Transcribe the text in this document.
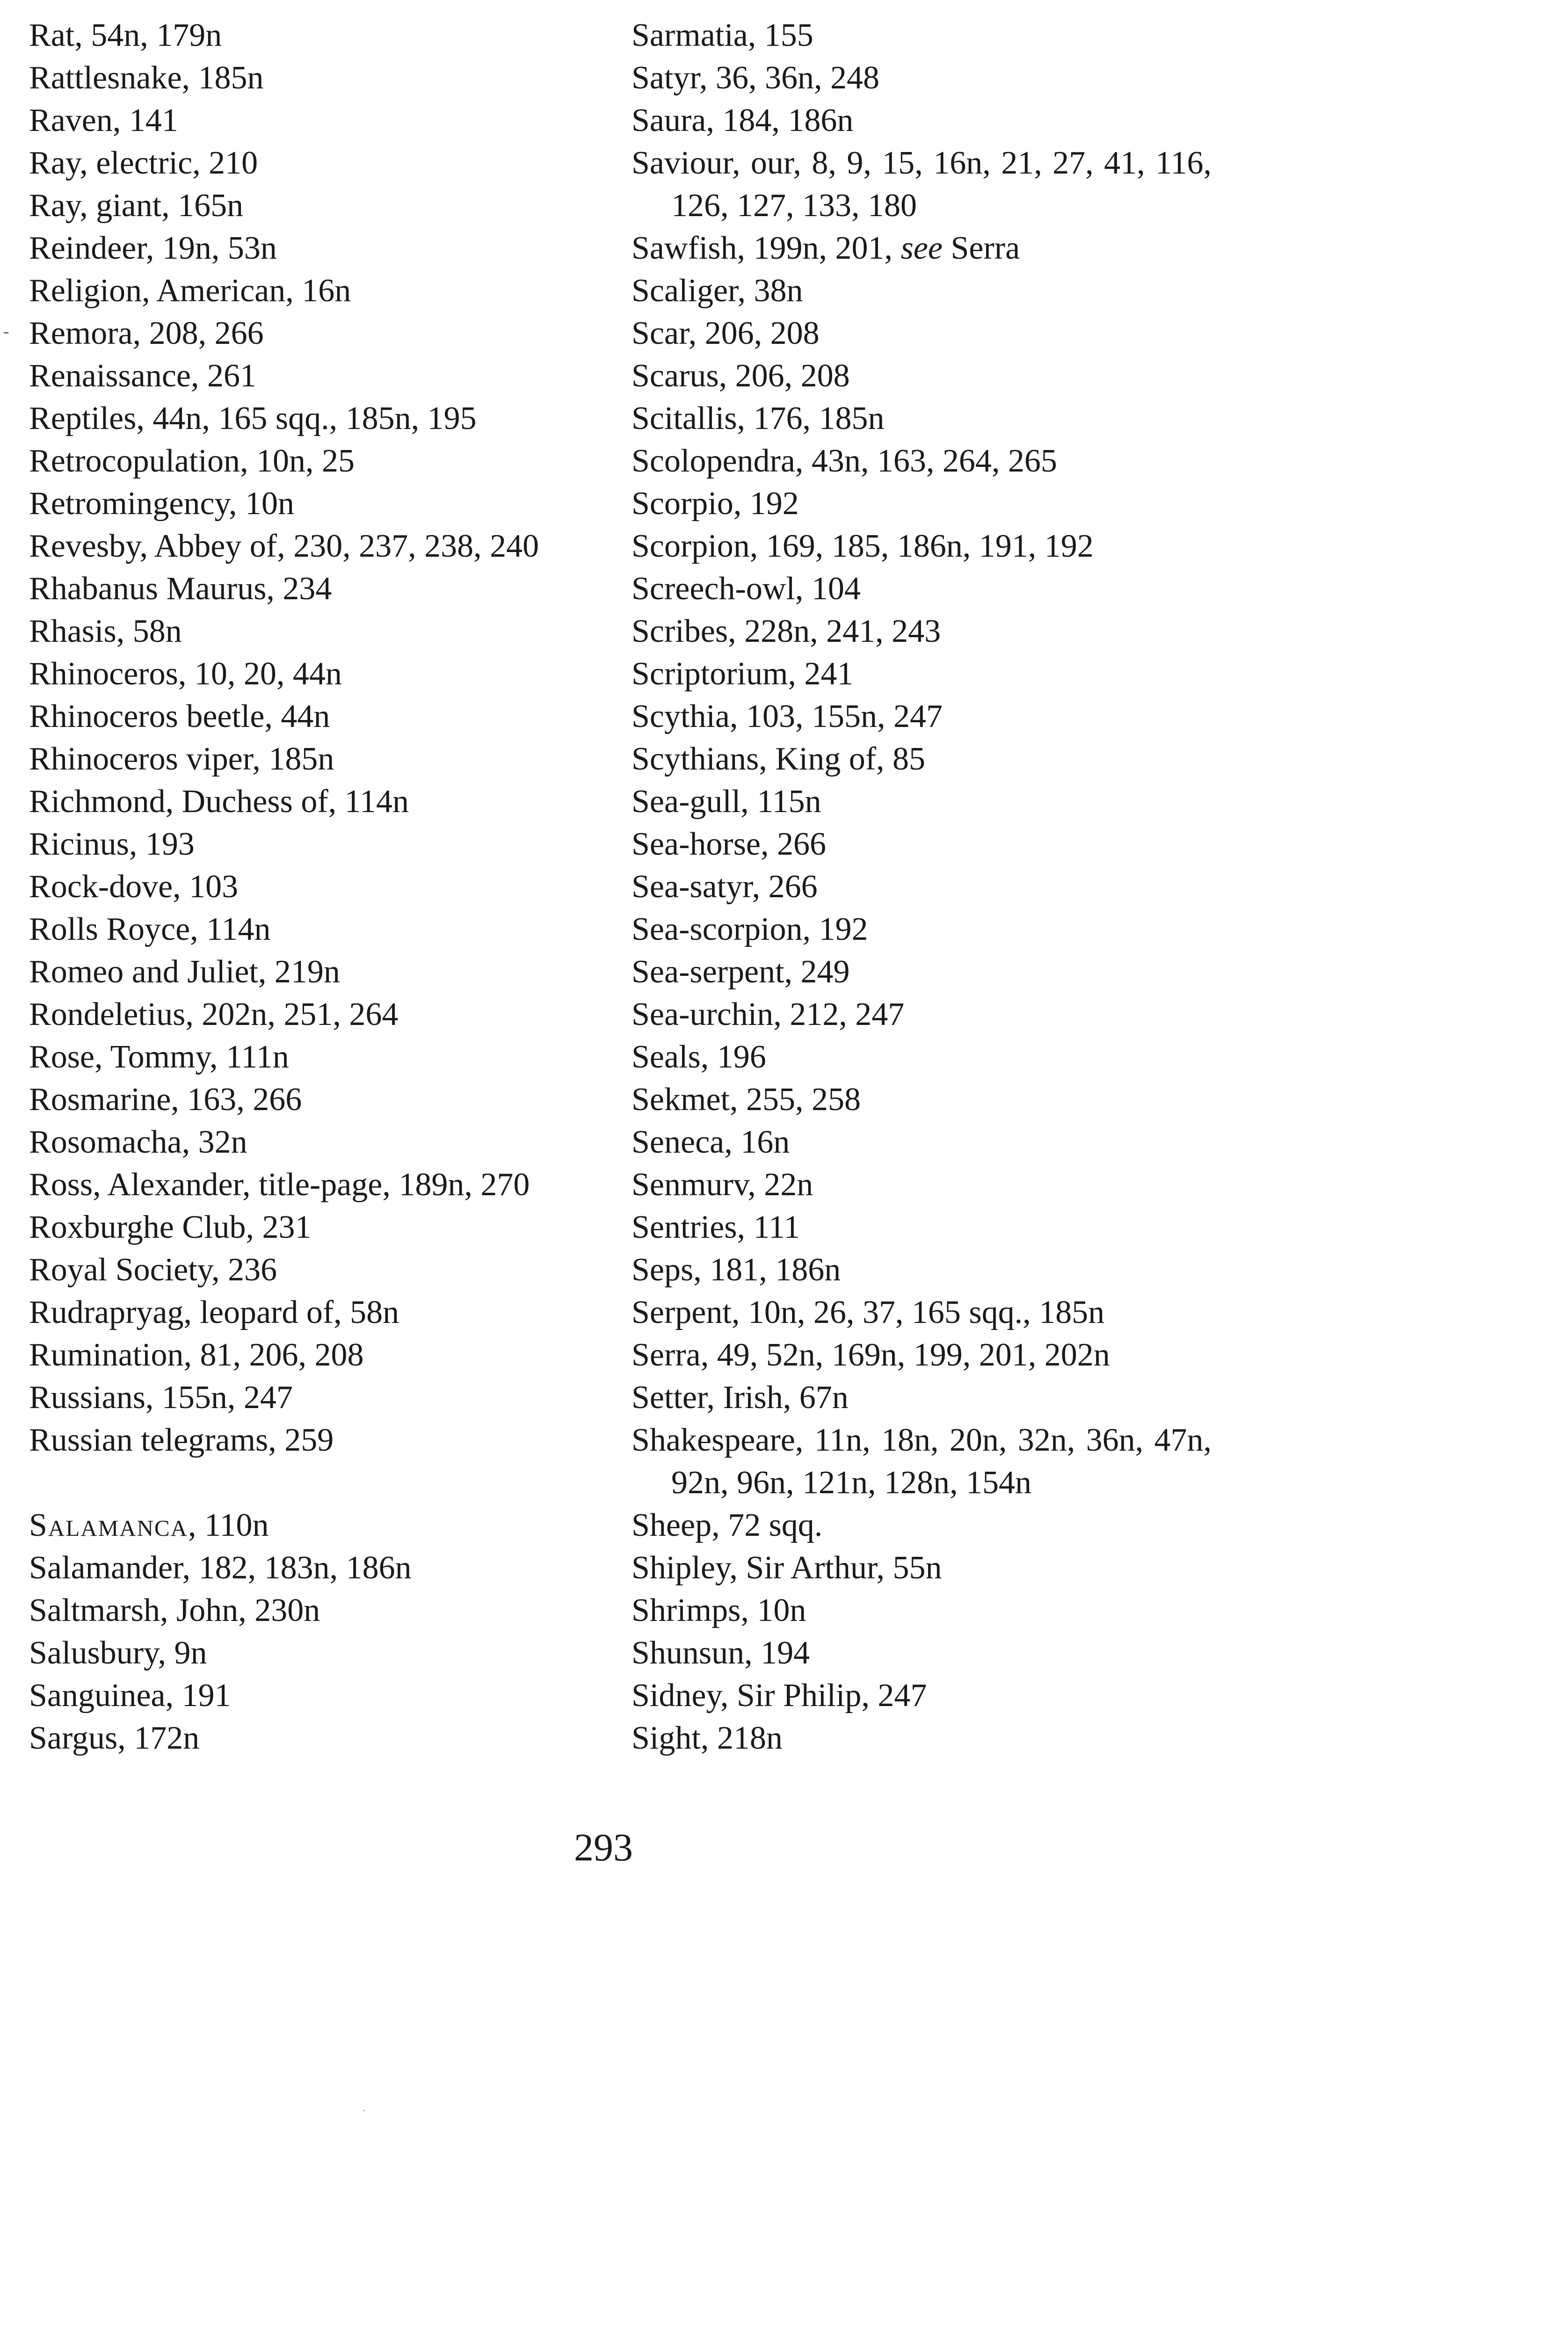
Rat, 54n, 179n
Rattlesnake, 185n
Raven, 141
Ray, electric, 210
Ray, giant, 165n
Reindeer, 19n, 53n
Religion, American, 16n
Remora, 208, 266
Renaissance, 261
Reptiles, 44n, 165 sqq., 185n, 195
Retrocopulation, 10n, 25
Retromingency, 10n
Revesby, Abbey of, 230, 237, 238, 240
Rhabanus Maurus, 234
Rhasis, 58n
Rhinoceros, 10, 20, 44n
Rhinoceros beetle, 44n
Rhinoceros viper, 185n
Richmond, Duchess of, 114n
Ricinus, 193
Rock-dove, 103
Rolls Royce, 114n
Romeo and Juliet, 219n
Rondeletius, 202n, 251, 264
Rose, Tommy, 111n
Rosmarine, 163, 266
Rosomacha, 32n
Ross, Alexander, title-page, 189n, 270
Roxburghe Club, 231
Royal Society, 236
Rudrapryag, leopard of, 58n
Rumination, 81, 206, 208
Russians, 155n, 247
Russian telegrams, 259
Salamanca, 110n
Salamander, 182, 183n, 186n
Saltmarsh, John, 230n
Salusbury, 9n
Sanguinea, 191
Sargus, 172n
Sarmatia, 155
Satyr, 36, 36n, 248
Saura, 184, 186n
Saviour, our, 8, 9, 15, 16n, 21, 27, 41, 116, 126, 127, 133, 180
Sawfish, 199n, 201, see Serra
Scaliger, 38n
Scar, 206, 208
Scarus, 206, 208
Scitallis, 176, 185n
Scolopendra, 43n, 163, 264, 265
Scorpio, 192
Scorpion, 169, 185, 186n, 191, 192
Screech-owl, 104
Scribes, 228n, 241, 243
Scriptorium, 241
Scythia, 103, 155n, 247
Scythians, King of, 85
Sea-gull, 115n
Sea-horse, 266
Sea-satyr, 266
Sea-scorpion, 192
Sea-serpent, 249
Sea-urchin, 212, 247
Seals, 196
Sekmet, 255, 258
Seneca, 16n
Senmurv, 22n
Sentries, 111
Seps, 181, 186n
Serpent, 10n, 26, 37, 165 sqq., 185n
Serra, 49, 52n, 169n, 199, 201, 202n
Setter, Irish, 67n
Shakespeare, 11n, 18n, 20n, 32n, 36n, 47n, 92n, 96n, 121n, 128n, 154n
Sheep, 72 sqq.
Shipley, Sir Arthur, 55n
Shrimps, 10n
Shunsun, 194
Sidney, Sir Philip, 247
Sight, 218n
293
